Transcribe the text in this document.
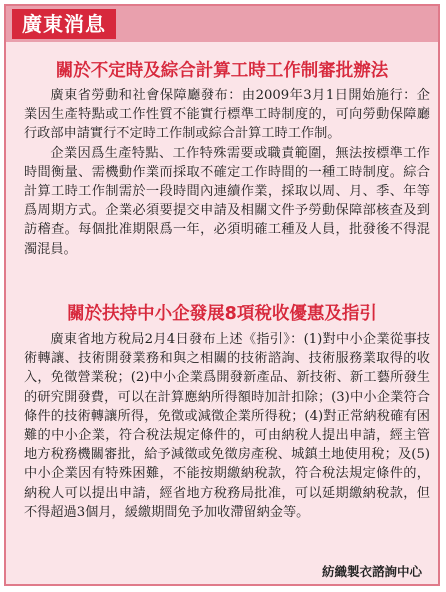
廣東消息
關於不定時及綜合計算工時工作制審批辦法

廣東省勞動和社會保障廳發布：由2009年3月1日開始施行：企業因生產特點或工作性質不能實行標準工時制度的，可向勞動保障廳行政部申請實行不定時工作制或綜合計算工時工作制。

企業因爲生產特點、工作特殊需要或職責範圍，無法按標準工作時間衡量、需機動作業而採取不確定工作時間的一種工時制度。綜合計算工時工作制需於一段時間內連續作業，採取以周、月、季、年等爲周期方式。企業必須要提交申請及相關文件予勞動保障部核查及到訪稽查。每個批准期限爲一年，必須明確工種及人員，批發後不得混濁混員。

關於扶持中小企發展8項稅收優惠及指引

廣東省地方稅局2月4日發布上述《指引》：(1)對中小企業從事技術轉讓、技術開發業務和與之相關的技術諮詢、技術服務業取得的收入，免徵營業稅；(2)中小企業爲開發新產品、新技術、新工藝所發生的研究開發費，可以在計算應納所得額時加計扣除；(3)中小企業符合條件的技術轉讓所得，免徵或減徵企業所得稅；(4)對正常納稅確有困難的中小企業，符合稅法規定條件的，可由納稅人提出申請，經主管地方稅務機關審批，給予減徵或免徵房產稅、城鎮土地使用稅；及(5)中小企業因有特殊困難，不能按期繳納稅款，符合稅法規定條件的，納稅人可以提出申請，經省地方稅務局批准，可以延期繳納稅款，但不得超過3個月，緩繳期間免予加收滯留納金等。

紡織製衣諮詢中心
